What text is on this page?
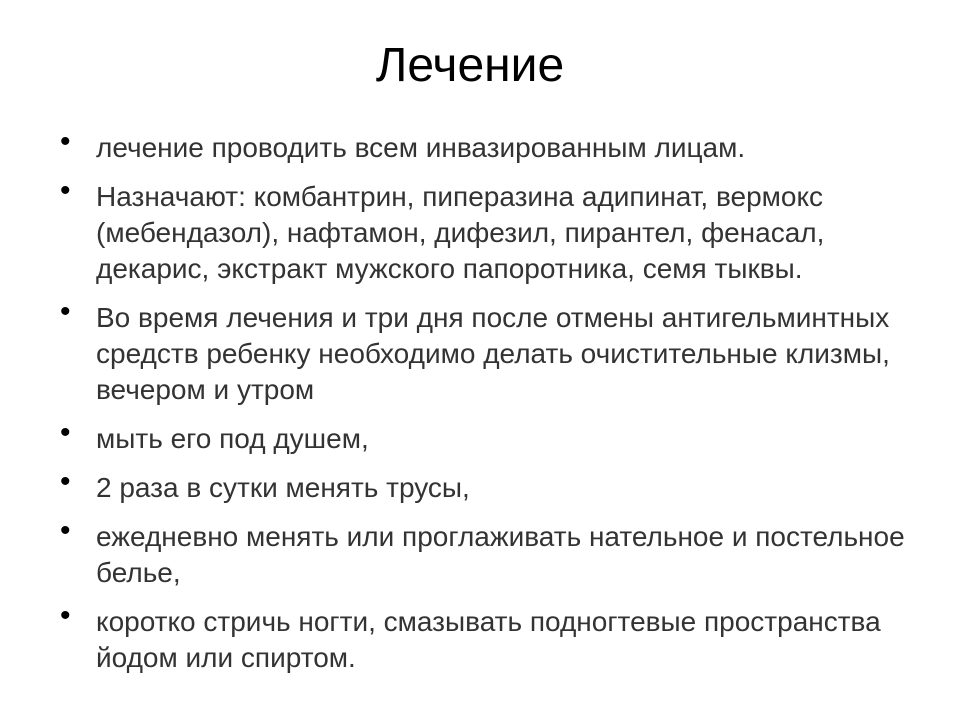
Лечение
• лечение проводить всем инвазированным лицам.
• Назначают: комбантрин, пиперазина адипинат, вермокс (мебендазол), нафтамон, дифезил, пирантел, фенасал, декарис, экстракт мужского папоротника, семя тыквы.
• Во время лечения и три дня после отмены антигельминтных средств ребенку необходимо делать очистительные клизмы, вечером и утром
• мыть его под душем,
• 2 раза в сутки менять трусы,
• ежедневно менять или проглаживать нательное и постельное белье,
• коротко стричь ногти, смазывать подногтевые пространства йодом или спиртом.
